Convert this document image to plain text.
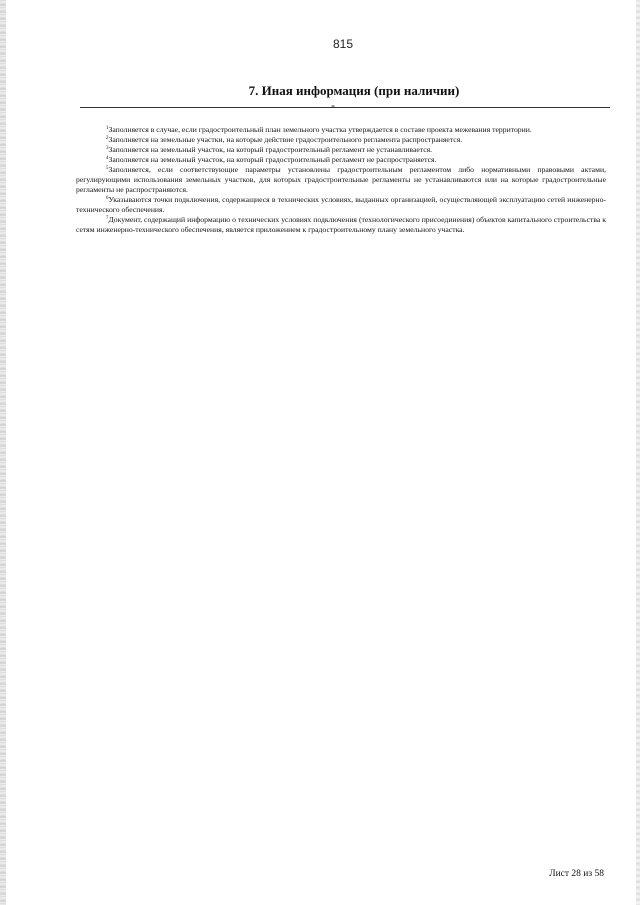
815
7. Иная информация (при наличии)
-

$^1$Заполняется в случае, если градостроительный план земельного участка утверждается в составе проекта межевания территории.

$^2$Заполняется на земельные участки, на которые действие градостроительного регламента распространяется.

$^3$Заполняется на земельный участок, на который градостроительный регламент не устанавливается.

$^4$Заполняется на земельный участок, на который градостроительный регламент не распространяется.

$^5$Заполняется, если соответствующие параметры установлены градостроительным регламентом либо нормативными правовыми актами, регулирующими использования земельных участков, для которых градостроительные регламенты не устанавливаются или на которые градостроительные регламенты не распространяются.

$^6$Указываются точки подключения, содержащиеся в технических условиях, выданных организацией, осуществляющей эксплуатацию сетей инженерно-технического обеспечения.

$^7$Документ, содержащий информацию о технических условиях подключения (технологического присоединения) объектов капитального строительства к сетям инженерно-технического обеспечения, является приложением к градостроительному плану земельного участка.

Лист 28 из 58
